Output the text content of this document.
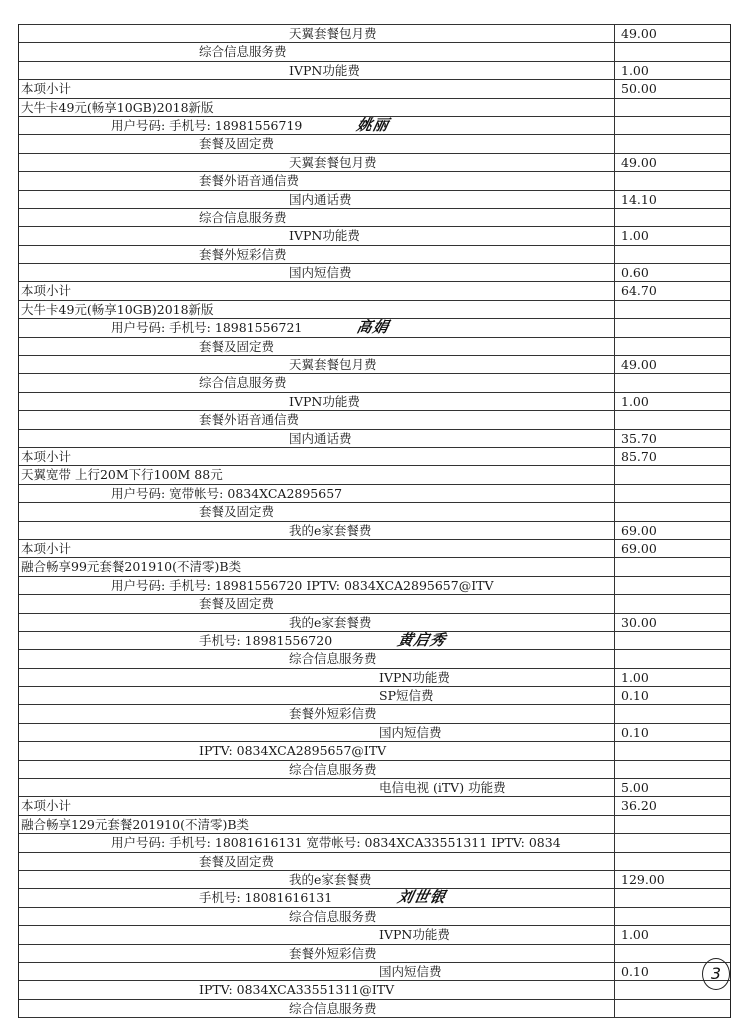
天翼套餐包月费	49.00
综合信息服务费
IVPN功能费	1.00
本项小计	50.00
大牛卡49元(畅享10GB)2018新版
用户号码: 手机号: 18981556719	姚丽
套餐及固定费
天翼套餐包月费	49.00
套餐外语音通信费
国内通话费	14.10
综合信息服务费
IVPN功能费	1.00
套餐外短彩信费
国内短信费	0.60
本项小计	64.70
大牛卡49元(畅享10GB)2018新版
用户号码: 手机号: 18981556721	高娟
套餐及固定费
天翼套餐包月费	49.00
综合信息服务费
IVPN功能费	1.00
套餐外语音通信费
国内通话费	35.70
本项小计	85.70
天翼宽带 上行20M下行100M 88元
用户号码: 宽带帐号: 0834XCA2895657
套餐及固定费
我的e家套餐费	69.00
本项小计	69.00
融合畅享99元套餐201910(不清零)B类
用户号码: 手机号: 18981556720 IPTV: 0834XCA2895657@ITV
套餐及固定费
我的e家套餐费	30.00
手机号: 18981556720	黄启秀
综合信息服务费
IVPN功能费	1.00
SP短信费	0.10
套餐外短彩信费
国内短信费	0.10
IPTV: 0834XCA2895657@ITV
综合信息服务费
电信电视 (iTV) 功能费	5.00
本项小计	36.20
融合畅享129元套餐201910(不清零)B类
用户号码: 手机号: 18081616131 宽带帐号: 0834XCA33551311 IPTV: 0834
套餐及固定费
我的e家套餐费	129.00
手机号: 18081616131	刘世银
综合信息服务费
IVPN功能费	1.00
套餐外短彩信费
国内短信费	0.10
IPTV: 0834XCA33551311@ITV
综合信息服务费
3
